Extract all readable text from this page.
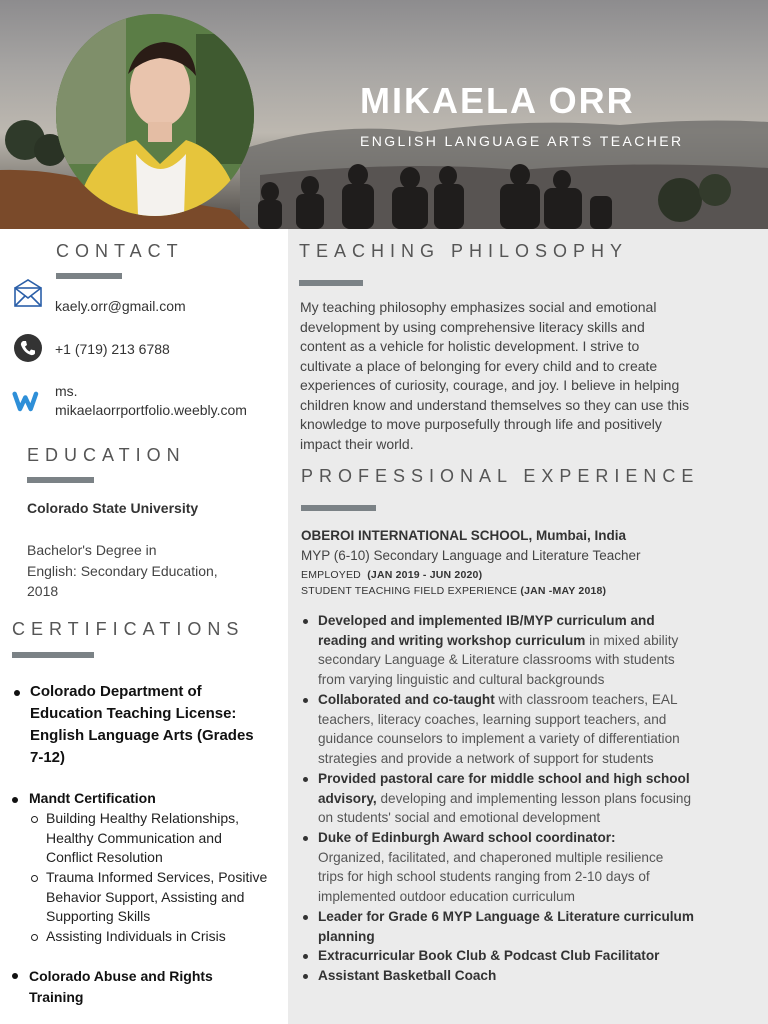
MIKAELA ORR
ENGLISH LANGUAGE ARTS TEACHER
CONTACT
kaely.orr@gmail.com
+1 (719) 213 6788
ms.
mikaelaorrportfolio.weebly.com
EDUCATION
Colorado State University
Bachelor's Degree in
English: Secondary Education,
2018
CERTIFICATIONS
Colorado Department of
Education Teaching License:
English Language Arts (Grades
7-12)
Mandt Certification
Building Healthy Relationships,
Healthy Communication and
Conflict Resolution
Trauma Informed Services, Positive
Behavior Support, Assisting and
Supporting Skills
Assisting Individuals in Crisis
Colorado Abuse and Rights
Training
TEACHING PHILOSOPHY
My teaching philosophy emphasizes social and emotional
development by using comprehensive literacy skills and
content as a vehicle for holistic development. I strive to
cultivate a place of belonging for every child and to create
experiences of curiosity, courage, and joy. I believe in helping
children know and understand themselves so they can use this
knowledge to move purposefully through life and positively
impact their world.
PROFESSIONAL EXPERIENCE
OBEROI INTERNATIONAL SCHOOL, Mumbai, India
MYP (6-10) Secondary Language and Literature Teacher
EMPLOYED (JAN 2019 - JUN 2020)
STUDENT TEACHING FIELD EXPERIENCE (JAN -MAY 2018)
Developed and implemented IB/MYP curriculum and
reading and writing workshop curriculum in mixed ability
secondary Language & Literature classrooms with students
from varying linguistic and cultural backgrounds
Collaborated and co-taught with classroom teachers, EAL
teachers, literacy coaches, learning support teachers, and
guidance counselors to implement a variety of differentiation
strategies and provide a network of support for students
Provided pastoral care for middle school and high school
advisory, developing and implementing lesson plans focusing
on students' social and emotional development
Duke of Edinburgh Award school coordinator:
Organized, facilitated, and chaperoned multiple resilience
trips for high school students ranging from 2-10 days of
implemented outdoor education curriculum
Leader for Grade 6 MYP Language & Literature curriculum
planning
Extracurricular Book Club & Podcast Club Facilitator
Assistant Basketball Coach
